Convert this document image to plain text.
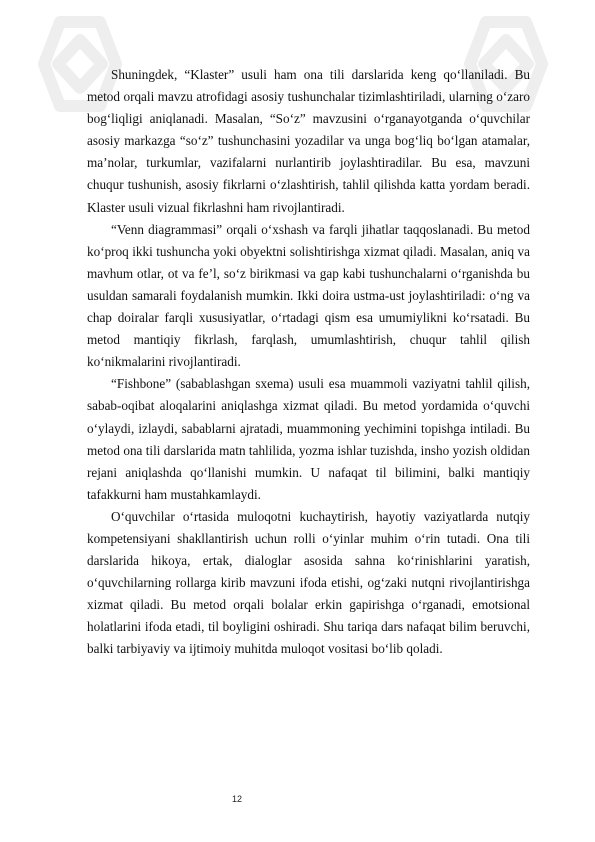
Shuningdek, “Klaster” usuli ham ona tili darslarida keng qo‘llaniladi. Bu metod orqali mavzu atrofidagi asosiy tushunchalar tizimlashtiriladi, ularning o‘zaro bog‘liqligi aniqlanadi. Masalan, “So‘z” mavzusini o‘rganayotganda o‘quvchilar asosiy markazga “so‘z” tushunchasini yozadilar va unga bog‘liq bo‘lgan atamalar, ma’nolar, turkumlar, vazifalarni nurlantirib joylashtiradilar. Bu esa, mavzuni chuqur tushunish, asosiy fikrlarni o‘zlashtirish, tahlil qilishda katta yordam beradi. Klaster usuli vizual fikrlashni ham rivojlantiradi.

“Venn diagrammasi” orqali o‘xshash va farqli jihatlar taqqoslanadi. Bu metod ko‘proq ikki tushuncha yoki obyektni solishtirishga xizmat qiladi. Masalan, aniq va mavhum otlar, ot va fe’l, so‘z birikmasi va gap kabi tushunchalarni o‘rganishda bu usuldan samarali foydalanish mumkin. Ikki doira ustma-ust joylashtiriladi: o‘ng va chap doiralar farqli xususiyatlar, o‘rtadagi qism esa umumiylikni ko‘rsatadi. Bu metod mantiqiy fikrlash, farqlash, umumlashtirish, chuqur tahlil qilish ko‘nikmalarini rivojlantiradi.

“Fishbone” (sabablashgan sxema) usuli esa muammoli vaziyatni tahlil qilish, sabab-oqibat aloqalarini aniqlashga xizmat qiladi. Bu metod yordamida o‘quvchi o‘ylaydi, izlaydi, sabablarni ajratadi, muammoning yechimini topishga intiladi. Bu metod ona tili darslarida matn tahlilida, yozma ishlar tuzishda, insho yozish oldidan rejani aniqlashda qo‘llanishi mumkin. U nafaqat til bilimini, balki mantiqiy tafakkurni ham mustahkamlaydi.

O‘quvchilar o‘rtasida muloqotni kuchaytirish, hayotiy vaziyatlarda nutqiy kompetensiyani shakllantirish uchun rolli o‘yinlar muhim o‘rin tutadi. Ona tili darslarida hikoya, ertak, dialoglar asosida sahna ko‘rinishlarini yaratish, o‘quvchilarning rollarga kirib mavzuni ifoda etishi, og‘zaki nutqni rivojlantirishga xizmat qiladi. Bu metod orqali bolalar erkin gapirishga o‘rganadi, emotsional holatlarini ifoda etadi, til boyligini oshiradi. Shu tariqa dars nafaqat bilim beruvchi, balki tarbiyaviy va ijtimoiy muhitda muloqot vositasi bo‘lib qoladi.

12
